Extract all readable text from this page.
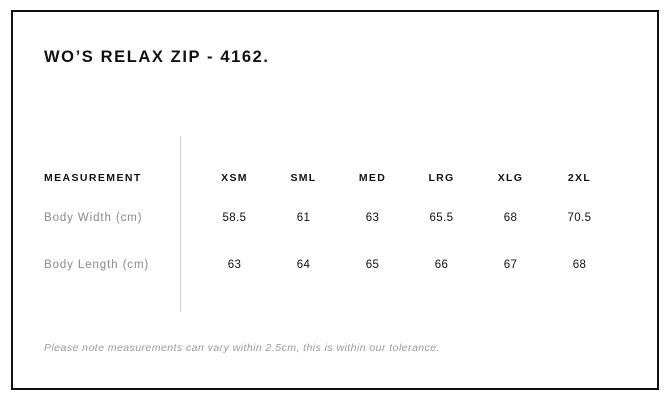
WO’S RELAX ZIP - 4162.
MEASUREMENT	XSM	SML	MED	LRG	XLG	2XL
Body Width (cm)	58.5	61	63	65.5	68	70.5
Body Length (cm)	63	64	65	66	67	68
Please note measurements can vary within 2.5cm, this is within our tolerance.
